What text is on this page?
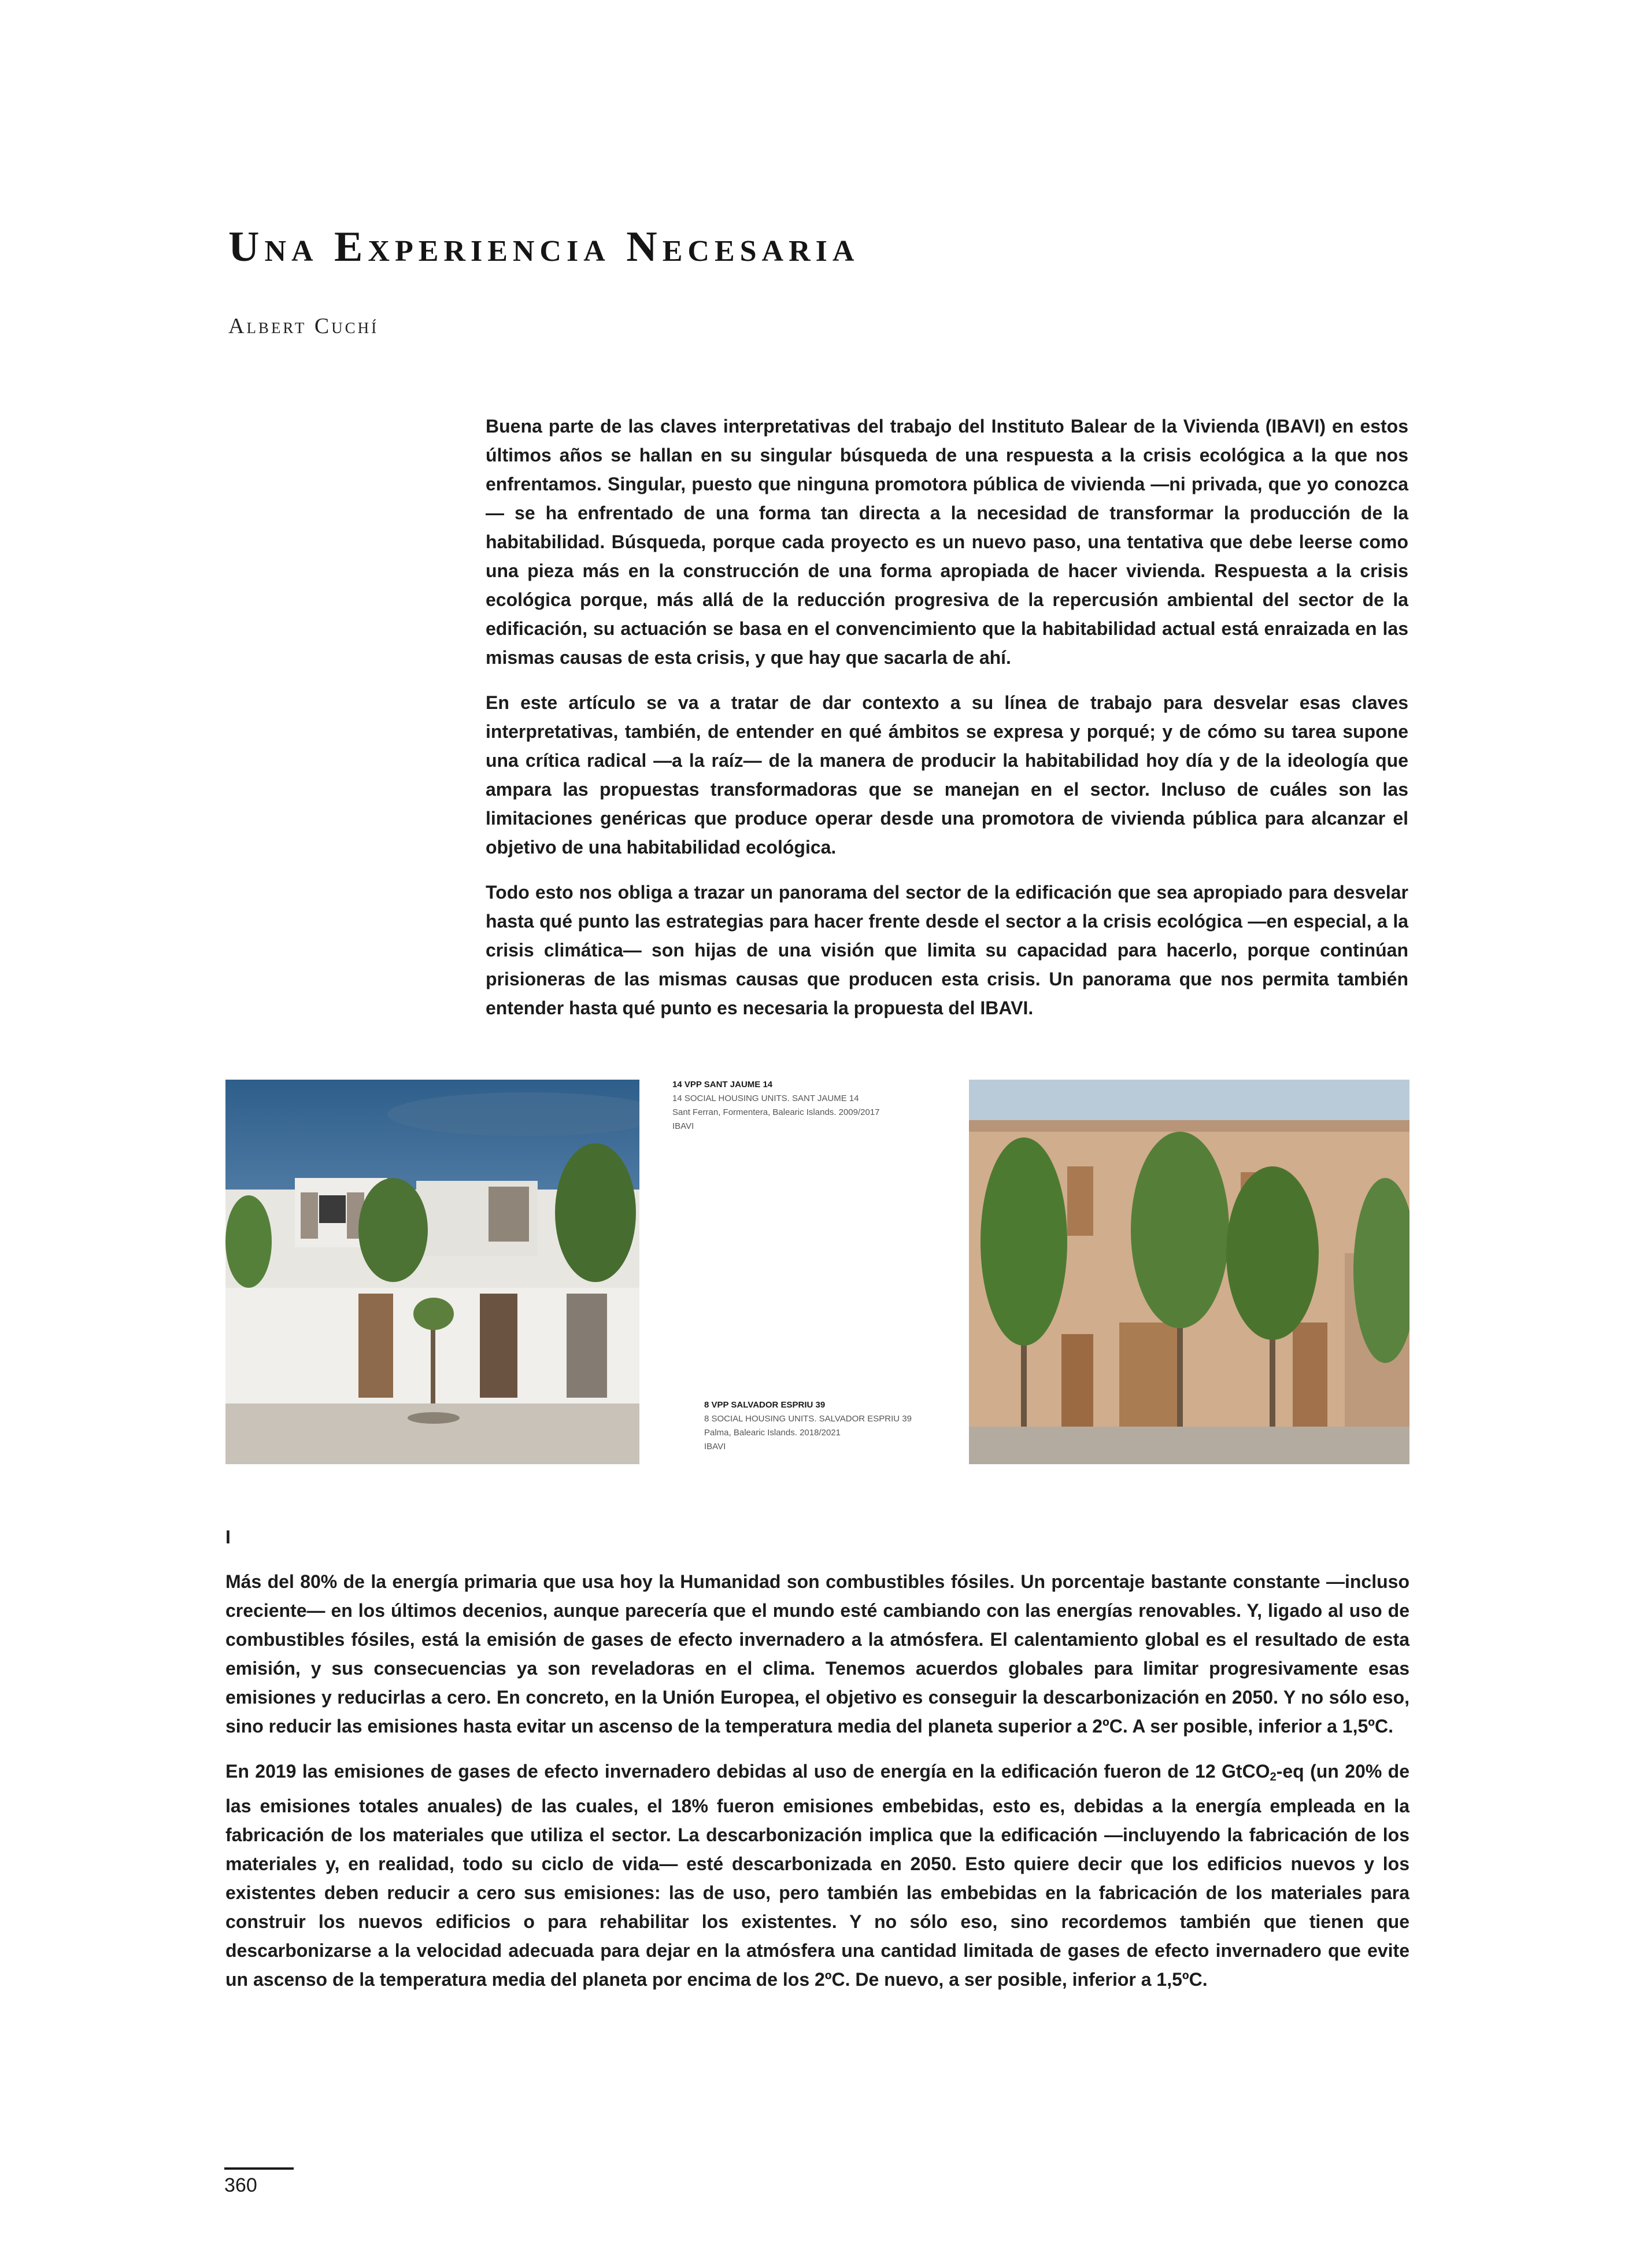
Una Experiencia Necesaria
Albert Cuchí

Buena parte de las claves interpretativas del trabajo del Instituto Balear de la Vivienda (IBAVI) en estos últimos años se hallan en su singular búsqueda de una respuesta a la crisis ecológica a la que nos enfrentamos. Singular, puesto que ninguna promotora pública de vivienda —ni privada, que yo conozca— se ha enfrentado de una forma tan directa a la necesidad de transformar la producción de la habitabilidad. Búsqueda, porque cada proyecto es un nuevo paso, una tentativa que debe leerse como una pieza más en la construcción de una forma apropiada de hacer vivienda. Respuesta a la crisis ecológica porque, más allá de la reducción progresiva de la repercusión ambiental del sector de la edificación, su actuación se basa en el convencimiento que la habitabilidad actual está enraizada en las mismas causas de esta crisis, y que hay que sacarla de ahí.

En este artículo se va a tratar de dar contexto a su línea de trabajo para desvelar esas claves interpretativas, también, de entender en qué ámbitos se expresa y porqué; y de cómo su tarea supone una crítica radical —a la raíz— de la manera de producir la habitabilidad hoy día y de la ideología que ampara las propuestas transformadoras que se manejan en el sector. Incluso de cuáles son las limitaciones genéricas que produce operar desde una promotora de vivienda pública para alcanzar el objetivo de una habitabilidad ecológica.

Todo esto nos obliga a trazar un panorama del sector de la edificación que sea apropiado para desvelar hasta qué punto las estrategias para hacer frente desde el sector a la crisis ecológica —en especial, a la crisis climática— son hijas de una visión que limita su capacidad para hacerlo, porque continúan prisioneras de las mismas causas que producen esta crisis. Un panorama que nos permita también entender hasta qué punto es necesaria la propuesta del IBAVI.

14 VPP SANT JAUME 14
14 SOCIAL HOUSING UNITS. SANT JAUME 14
Sant Ferran, Formentera, Balearic Islands. 2009/2017
IBAVI
8 VPP SALVADOR ESPRIU 39
8 SOCIAL HOUSING UNITS. SALVADOR ESPRIU 39
Palma, Balearic Islands. 2018/2021
IBAVI
I

Más del 80% de la energía primaria que usa hoy la Humanidad son combustibles fósiles. Un porcentaje bastante constante —incluso creciente— en los últimos decenios, aunque parecería que el mundo esté cambiando con las energías renovables. Y, ligado al uso de combustibles fósiles, está la emisión de gases de efecto invernadero a la atmósfera. El calentamiento global es el resultado de esta emisión, y sus consecuencias ya son reveladoras en el clima. Tenemos acuerdos globales para limitar progresivamente esas emisiones y reducirlas a cero. En concreto, en la Unión Europea, el objetivo es conseguir la descarbonización en 2050. Y no sólo eso, sino reducir las emisiones hasta evitar un ascenso de la temperatura media del planeta superior a 2ºC. A ser posible, inferior a 1,5ºC.

En 2019 las emisiones de gases de efecto invernadero debidas al uso de energía en la edificación fueron de 12 GtCO$_2$-eq (un 20% de las emisiones totales anuales) de las cuales, el 18% fueron emisiones embebidas, esto es, debidas a la energía empleada en la fabricación de los materiales que utiliza el sector. La descarbonización implica que la edificación —incluyendo la fabricación de los materiales y, en realidad, todo su ciclo de vida— esté descarbonizada en 2050. Esto quiere decir que los edificios nuevos y los existentes deben reducir a cero sus emisiones: las de uso, pero también las embebidas en la fabricación de los materiales para construir los nuevos edificios o para rehabilitar los existentes. Y no sólo eso, sino recordemos también que tienen que descarbonizarse a la velocidad adecuada para dejar en la atmósfera una cantidad limitada de gases de efecto invernadero que evite un ascenso de la temperatura media del planeta por encima de los 2ºC. De nuevo, a ser posible, inferior a 1,5ºC.

360
